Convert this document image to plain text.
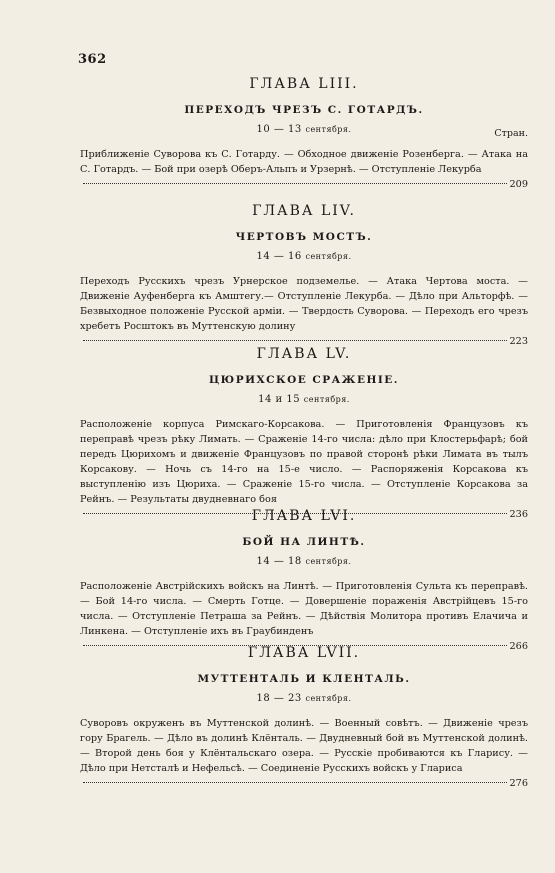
362
ГЛАВА LIII.
ПЕРЕХОДЪ ЧРЕЗЪ С. ГОТАРДЪ.
10 — 13 сентября.	Стран.
Приближеніе Суворова къ С. Готарду. — Обходное движеніе Розенберга. — Атака на С. Готардъ. — Бой при озерѣ Оберъ-Альпъ и Урзернѣ. — Отступленіе Лекурба
209
ГЛАВА LIV.
ЧЕРТОВЪ МОСТЪ.
14 — 16 сентября.
Переходъ Русскихъ чрезъ Урнерское подземелье. — Атака Чертова моста. — Движеніе Ауфенберга къ Амштегу.— Отступленіе Лекурба. — Дѣло при Альторфѣ. — Безвыходное положеніе Русской арміи. — Твердость Суворова. — Переходъ его чрезъ хребетъ Росштокъ въ Муттенскую долину
223
ГЛАВА LV.
ЦЮРИХСКОЕ СРАЖЕНІЕ.
14 и 15 сентября.
Расположеніе корпуса Римскаго-Корсакова. — Приготовленія Французовъ къ переправѣ чрезъ рѣку Лимать. — Сраженіе 14-го числа: дѣло при Клостерьфарѣ; бой передъ Цюрихомъ и движеніе Французовъ по правой сторонѣ рѣки Лимата въ тылъ Корсакову. — Ночь съ 14-го на 15-е число. — Распоряженія Корсакова къ выступленію изъ Цюриха. — Сраженіе 15-го числа. — Отступленіе Корсакова за Рейнъ. — Результаты двудневнаго боя
236
ГЛАВА LVI.
БОЙ НА ЛИНТѢ.
14 — 18 сентября.
Расположеніе Австрійскихъ войскъ на Линтѣ. — Приготовленія Сульта къ переправѣ. — Бой 14-го числа. — Смерть Готце. — Довершеніе пораженія Австрійцевъ 15-го числа. — Отступленіе Петраша за Рейнъ. — Дѣйствія Молитора противъ Елачича и Линкена. — Отступленіе ихъ въ Граубинденъ
266
ГЛАВА LVII.
МУТТЕНТАЛЬ И КЛЕНТАЛЬ.
18 — 23 сентября.
Суворовъ окруженъ въ Муттенской долинѣ. — Военный совѣтъ. — Движеніе чрезъ гору Брагель. — Дѣло въ долинѣ Клёнталь. — Двудневный бой въ Муттенской долинѣ. — Второй день боя у Клёнтальскаго озера. — Русскіе пробиваются къ Гларису. — Дѣло при Нетсталѣ и Нефельсѣ. — Соединеніе Русскихъ войскъ у Глариса
276
